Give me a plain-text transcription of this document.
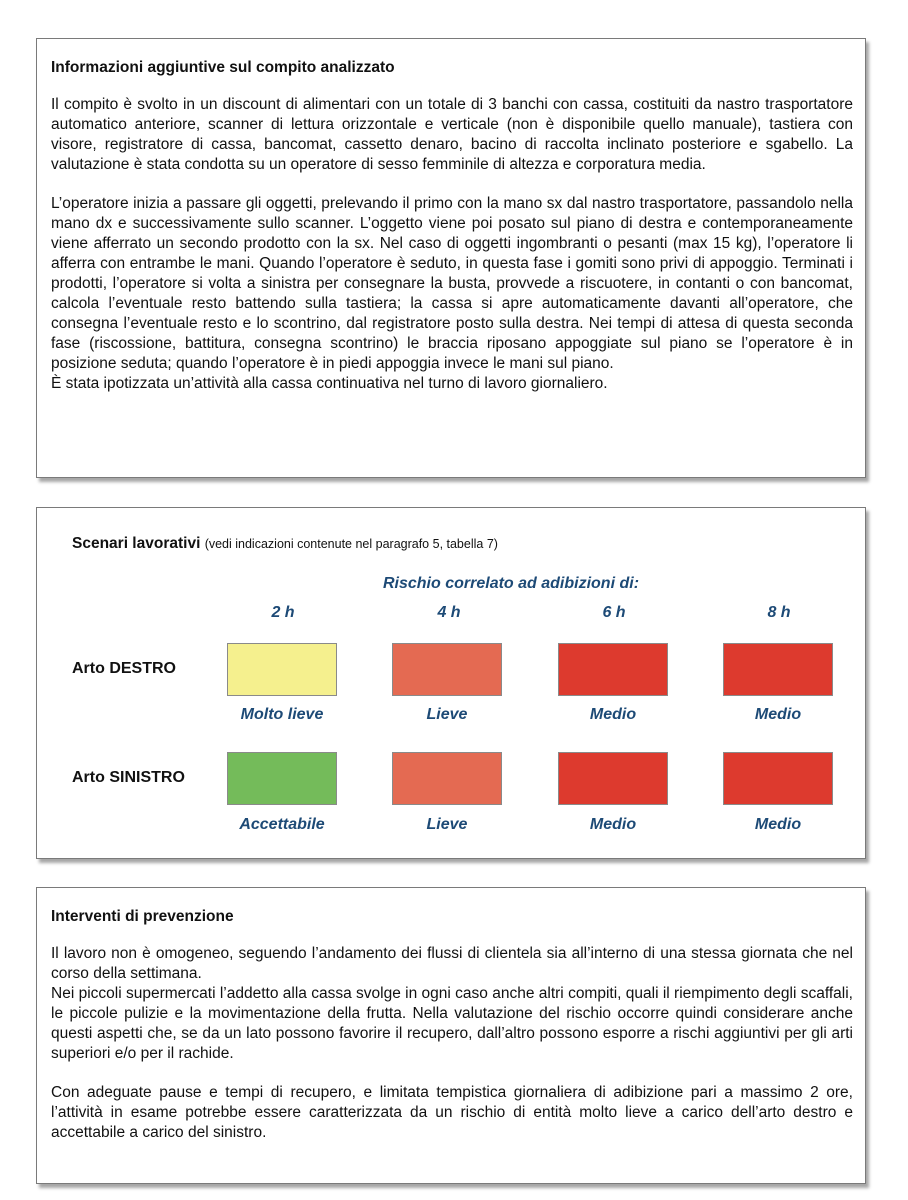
Informazioni aggiuntive sul compito analizzato

Il compito è svolto in un discount di alimentari con un totale di 3 banchi con cassa, costituiti da nastro trasportatore automatico anteriore, scanner di lettura orizzontale e verticale (non è disponibile quello manuale), tastiera con visore, registratore di cassa, bancomat, cassetto denaro, bacino di raccolta inclinato posteriore e sgabello. La valutazione è stata condotta su un operatore di sesso femminile di altezza e corporatura media.

L’operatore inizia a passare gli oggetti, prelevando il primo con la mano sx dal nastro trasportatore, passandolo nella mano dx e successivamente sullo scanner. L’oggetto viene poi posato sul piano di destra e contemporaneamente viene afferrato un secondo prodotto con la sx. Nel caso di oggetti ingombranti o pesanti (max 15 kg), l’operatore li afferra con entrambe le mani. Quando l’operatore è seduto, in questa fase i gomiti sono privi di appoggio. Terminati i prodotti, l’operatore si volta a sinistra per consegnare la busta, provvede a riscuotere, in contanti o con bancomat, calcola l’eventuale resto battendo sulla tastiera; la cassa si apre automaticamente davanti all’operatore, che consegna l’eventuale resto e lo scontrino, dal registratore posto sulla destra. Nei tempi di attesa di questa seconda fase (riscossione, battitura, consegna scontrino) le braccia riposano appoggiate sul piano se l’operatore è in posizione seduta; quando l’operatore è in piedi appoggia invece le mani sul piano.

È stata ipotizzata un’attività alla cassa continuativa nel turno di lavoro giornaliero.

Scenari lavorativi (vedi indicazioni contenute nel paragrafo 5, tabella 7)
Rischio correlato ad adibizioni di:
2 h	4 h	6 h	8 h
Arto DESTRO
Molto lieve	Lieve	Medio	Medio
Arto SINISTRO
Accettabile	Lieve	Medio	Medio
Interventi di prevenzione

Il lavoro non è omogeneo, seguendo l’andamento dei flussi di clientela sia all’interno di una stessa giornata che nel corso della settimana.

Nei piccoli supermercati l’addetto alla cassa svolge in ogni caso anche altri compiti, quali il riempimento degli scaffali, le piccole pulizie e la movimentazione della frutta. Nella valutazione del rischio occorre quindi considerare anche questi aspetti che, se da un lato possono favorire il recupero, dall’altro possono esporre a rischi aggiuntivi per gli arti superiori e/o per il rachide.

Con adeguate pause e tempi di recupero, e limitata tempistica giornaliera di adibizione pari a massimo 2 ore, l’attività in esame potrebbe essere caratterizzata da un rischio di entità molto lieve a carico dell’arto destro e accettabile a carico del sinistro.
